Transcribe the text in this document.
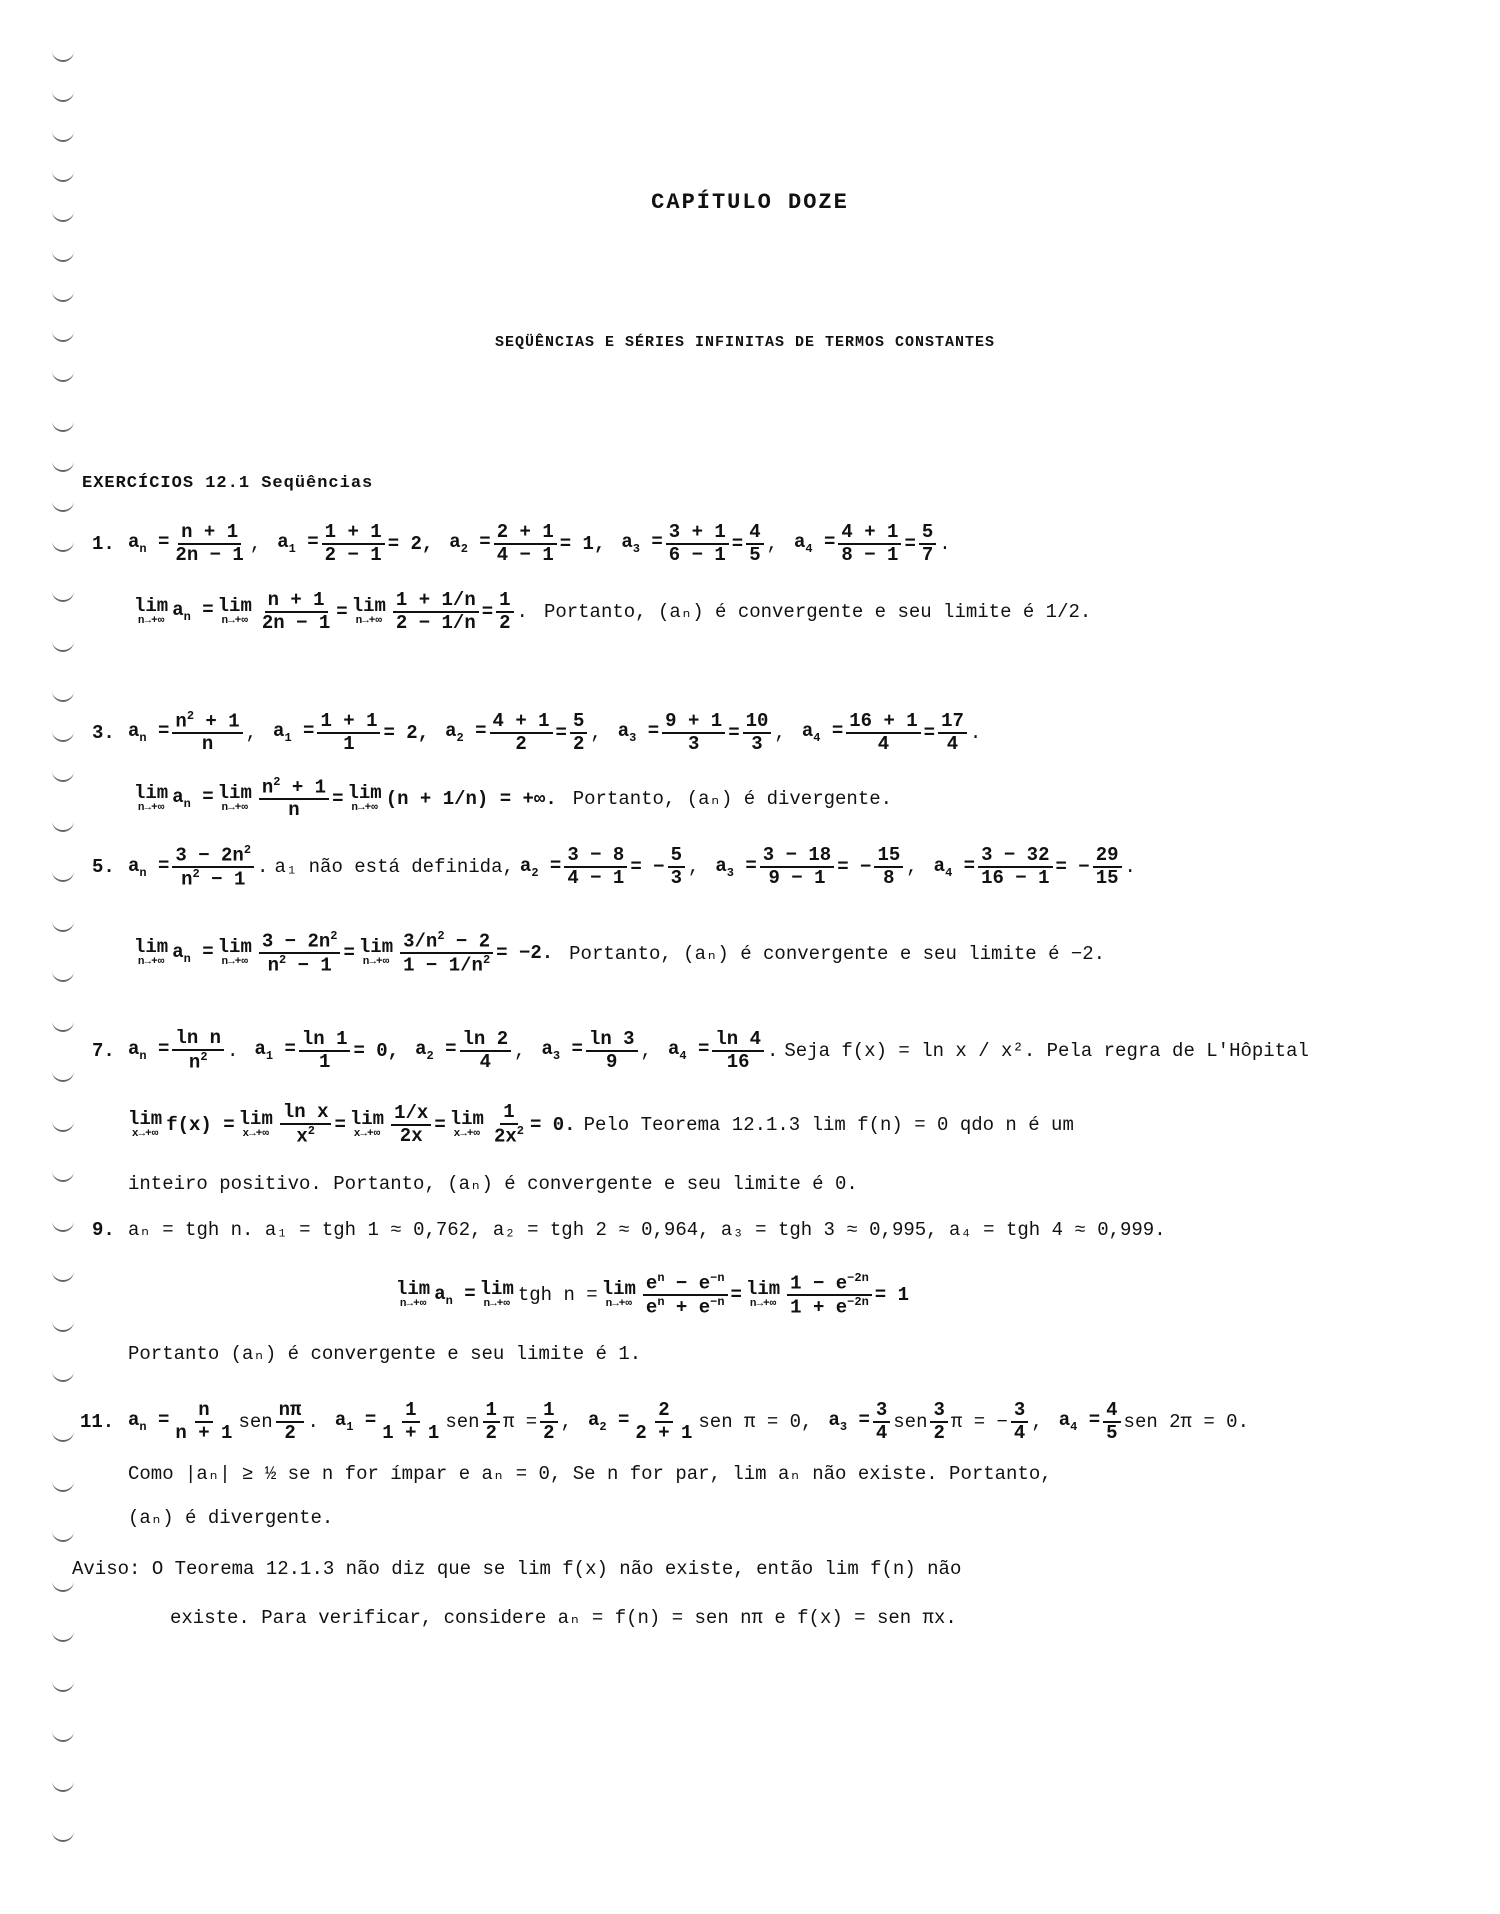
CAPÍTULO DOZE
SEQÜÊNCIAS E SÉRIES INFINITAS DE TERMOS CONSTANTES
EXERCÍCIOS 12.1 Seqüências
1. $a_n = \frac{n + 1}{2n - 1}$ , $a_1 = \frac{1 + 1}{2 - 1} = 2$, $a_2 = \frac{2 + 1}{4 - 1} = 1$, $a_3 = \frac{3 + 1}{6 - 1} = \frac{4}{5}$ , $a_4 = \frac{4 + 1}{8 - 1} = \frac{5}{7}$ .
lim
n→+∞ $a_n = \lim$
$n\to+\infty \frac{n + 1}{2n - 1} = \lim$
$n\to+\infty \frac{1 + 1/n}{2 - 1/n} = \frac{1}{2}$ . Portanto, (aₙ) é convergente e seu limite é 1/2.
3. $a_n = \frac{n^2 + 1}{n}$ , $a_1 = \frac{1 + 1}{1} = 2$, $a_2 = \frac{4 + 1}{2} = \frac{5}{2}$ , $a_3 = \frac{9 + 1}{3} = \frac{10}{3}$ , $a_4 = \frac{16 + 1}{4} = \frac{17}{4}$ .
lim
n→+∞ $a_n = \lim$
$n\to+\infty \frac{n^2 + 1}{n} = \lim$
n→+∞ (n + 1/n) = +∞. Portanto, (aₙ) é divergente.
5. $a_n = \frac{3 - 2n^2}{n^2 - 1}$ . a₁ não está definida, $a_2 = \frac{3 - 8}{4 - 1}$ = − $\frac{5}{3}$ , $a_3 = \frac{3 - 18}{9 - 1}$ = − $\frac{15}{8}$ , $a_4 = \frac{3 - 32}{16 - 1}$ = − $\frac{29}{15}$ .
lim
n→+∞ $a_n = \lim$
$n\to+\infty \frac{3 - 2n^2}{n^2 - 1} = \lim$
$n\to+\infty \frac{3/n^2 - 2}{1 - 1/n^2} = -2$. Portanto, (aₙ) é convergente e seu limite é −2.
7. $a_n = \frac{\text{ln n}}{n^2}$ . $a_1 = \frac{\ln 1}{1} = 0$, $a_2 = \frac{\ln 2}{4}$ , $a_3 = \frac{\ln 3}{9}$ , $a_4 = \frac{\ln 4}{16}$ . Seja f(x) = ln x / x². Pela regra de L'Hôpital
lim
x→+∞ f(x) = lim
$x\to+\infty \frac{\text{ln x}}{x^2} = \lim$
$x\to+\infty \frac{1/x}{2x} = \lim$
$x\to+\infty \frac{1}{2x^2} = 0$. Pelo Teorema 12.1.3 lim f(n) = 0 qdo n é um
inteiro positivo. Portanto, (aₙ) é convergente e seu limite é 0.
9. aₙ = tgh n. a₁ = tgh 1 ≈ 0,762, a₂ = tgh 2 ≈ 0,964, a₃ = tgh 3 ≈ 0,995, a₄ = tgh 4 ≈ 0,999.
lim
n→+∞ $a_n = \lim$
n→+∞ tgh n = lim
$n\to+\infty \frac{e^n - e^{-n}}{e^n + e^{-n}} = \lim$
$n\to+\infty \frac{1 - e^{-2n}}{1 + e^{-2n}} = 1$
Portanto (aₙ) é convergente e seu limite é 1.
11. $a_n = \frac{n}{n + 1}$ sen $\frac{n\pi}{2}$ . $a_1 = \frac{1}{1 + 1}$ sen $\frac{1}{2}$ $\pi = \frac{1}{2}$ , $a_2 = \frac{2}{2 + 1}$ sen π = 0, $a_3 = \frac{3}{4}$ sen $\frac{3}{2}$ π = − $\frac{3}{4}$ , $a_4 = \frac{4}{5}$ sen 2π = 0.
Como |aₙ| ≥ ½ se n for ímpar e aₙ = 0, Se n for par, lim aₙ não existe. Portanto,
(aₙ) é divergente.
Aviso: O Teorema 12.1.3 não diz que se lim f(x) não existe, então lim f(n) não
existe. Para verificar, considere aₙ = f(n) = sen nπ e f(x) = sen πx.
